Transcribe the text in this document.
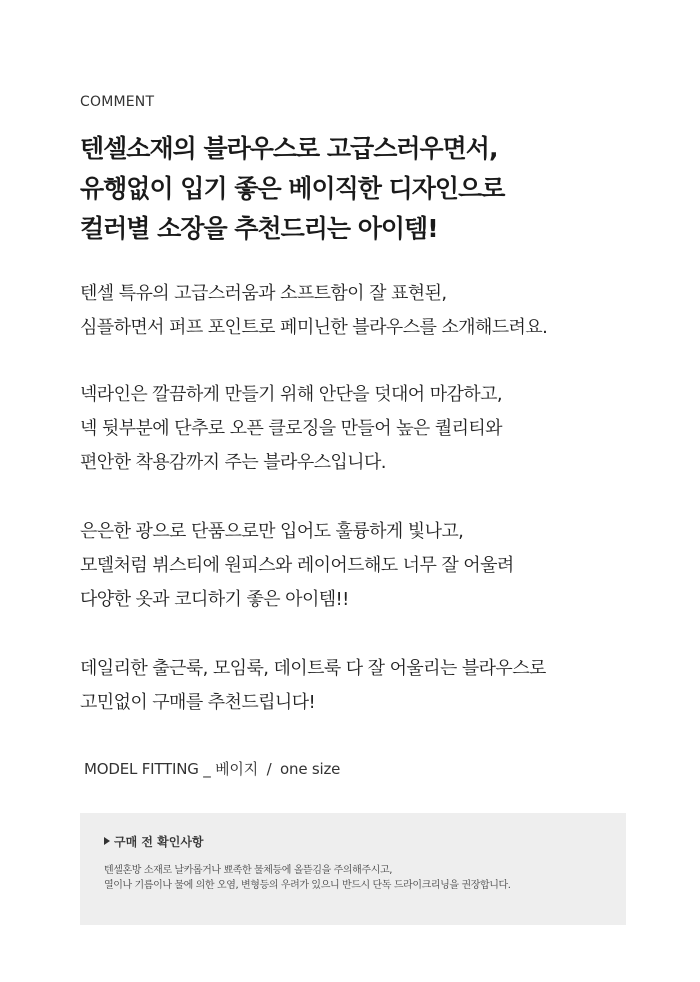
COMMENT
텐셀소재의 블라우스로 고급스러우면서,
유행없이 입기 좋은 베이직한 디자인으로
컬러별 소장을 추천드리는 아이템!

텐셀 특유의 고급스러움과 소프트함이 잘 표현된,
심플하면서 퍼프 포인트로 페미닌한 블라우스를 소개해드려요.

넥라인은 깔끔하게 만들기 위해 안단을 덧대어 마감하고,
넥 뒷부분에 단추로 오픈 클로징을 만들어 높은 퀄리티와
편안한 착용감까지 주는 블라우스입니다.

은은한 광으로 단품으로만 입어도 훌륭하게 빛나고,
모델처럼 뷔스티에 원피스와 레이어드해도 너무 잘 어울려
다양한 옷과 코디하기 좋은 아이템!!

데일리한 출근룩, 모임룩, 데이트룩 다 잘 어울리는 블라우스로
고민없이 구매를 추천드립니다!

MODEL FITTING _ 베이지 / one size
구매 전 확인사항

텐셀혼방 소재로 날카롭거나 뾰족한 물체등에 올뜯김을 주의해주시고,
열이나 기름이나 물에 의한 오염, 변형등의 우려가 있으니 반드시 단독 드라이크리닝을 권장합니다.
